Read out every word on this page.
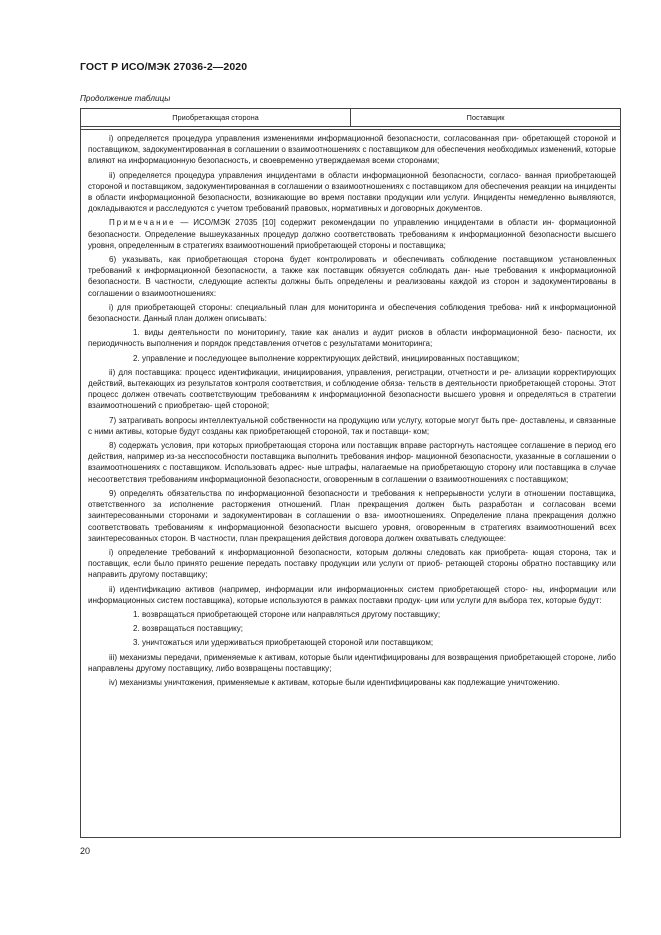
ГОСТ Р ИСО/МЭК 27036-2—2020
Продолжение таблицы
Приобретающая сторона	Поставщик

i) определяется процедура управления изменениями информационной безопасности, согласованная при- обретающей стороной и поставщиком, задокументированная в соглашении о взаимоотношениях с поставщиком для обеспечения необходимых изменений, которые влияют на информационную безопасность, и своевременно утверждаемая всеми сторонами;

ii) определяется процедура управления инцидентами в области информационной безопасности, согласо- ванная приобретающей стороной и поставщиком, задокументированная в соглашении о взаимоотношениях с поставщиком для обеспечения реакции на инциденты в области информационной безопасности, возникающие во время поставки продукции или услуги. Инциденты немедленно выявляются, докладываются и расследуются с учетом требований правовых, нормативных и договорных документов.

Примечание — ИСО/МЭК 27035 [10] содержит рекомендации по управлению инцидентами в области ин- формационной безопасности. Определение вышеуказанных процедур должно соответствовать требованиям к информационной безопасности высшего уровня, определенным в стратегиях взаимоотношений приобретающей стороны и поставщика;

6) указывать, как приобретающая сторона будет контролировать и обеспечивать соблюдение поставщиком установленных требований к информационной безопасности, а также как поставщик обязуется соблюдать дан- ные требования к информационной безопасности. В частности, следующие аспекты должны быть определены и реализованы каждой из сторон и задокументированы в соглашении о взаимоотношениях:

i) для приобретающей стороны: специальный план для мониторинга и обеспечения соблюдения требова- ний к информационной безопасности. Данный план должен описывать:

1. виды деятельности по мониторингу, такие как анализ и аудит рисков в области информационной безо- пасности, их периодичность выполнения и порядок представления отчетов с результатами мониторинга;

2. управление и последующее выполнение корректирующих действий, инициированных поставщиком;

ii) для поставщика: процесс идентификации, инициирования, управления, регистрации, отчетности и ре- ализации корректирующих действий, вытекающих из результатов контроля соответствия, и соблюдение обяза- тельств в деятельности приобретающей стороны. Этот процесс должен отвечать соответствующим требованиям к информационной безопасности высшего уровня и определяться в стратегии взаимоотношений с приобретаю- щей стороной;

7) затрагивать вопросы интеллектуальной собственности на продукцию или услугу, которые могут быть пре- доставлены, и связанные с ними активы, которые будут созданы как приобретающей стороной, так и поставщи- ком;

8) содержать условия, при которых приобретающая сторона или поставщик вправе расторгнуть настоящее соглашение в период его действия, например из-за несспособности поставщика выполнить требования инфор- мационной безопасности, указанные в соглашении о взаимоотношениях с поставщиком. Использовать адрес- ные штрафы, налагаемые на приобретающую сторону или поставщика в случае несоответствия требованиям информационной безопасности, оговоренным в соглашении о взаимоотношениях с поставщиком;

9) определять обязательства по информационной безопасности и требования к непрерывности услуги в отношении поставщика, ответственного за исполнение расторжения отношений. План прекращения должен быть разработан и согласован всеми заинтересованными сторонами и задокументирован в соглашении о вза- имоотношениях. Определение плана прекращения должно соответствовать требованиям к информационной безопасности высшего уровня, оговоренным в стратегиях взаимоотношений всех заинтересованных сторон. В частности, план прекращения действия договора должен охватывать следующее:

i) определение требований к информационной безопасности, которым должны следовать как приобрета- ющая сторона, так и поставщик, если было принято решение передать поставку продукции или услуги от приоб- ретающей стороны обратно поставщику или направить другому поставщику;

ii) идентификацию активов (например, информации или информационных систем приобретающей сторо- ны, информации или информационных систем поставщика), которые используются в рамках поставки продук- ции или услуги для выбора тех, которые будут:

1. возвращаться приобретающей стороне или направляться другому поставщику;

2. возвращаться поставщику;

3. уничтожаться или удерживаться приобретающей стороной или поставщиком;

iii) механизмы передачи, применяемые к активам, которые были идентифицированы для возвращения приобретающей стороне, либо направлены другому поставщику, либо возвращены поставщику;

iv) механизмы уничтожения, применяемые к активам, которые были идентифицированы как подлежащие уничтожению.

20
